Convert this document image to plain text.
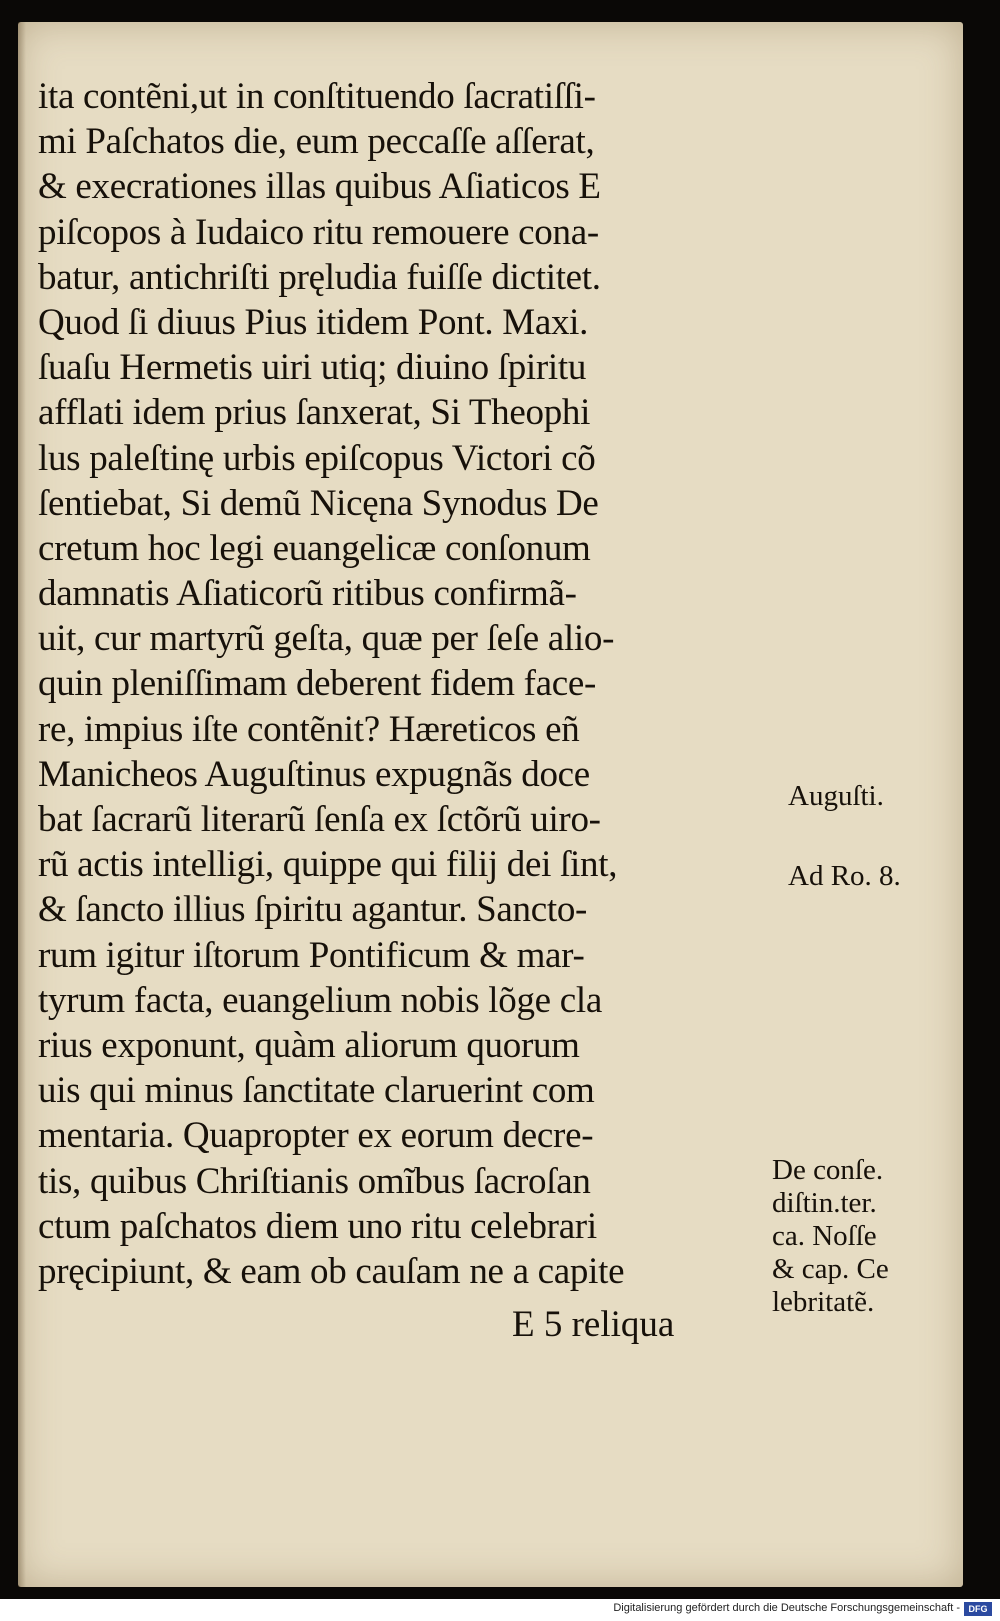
ita contẽni,ut in conſtituendo ſacratiſſi-
mi Paſchatos die, eum peccaſſe aſſerat,
& execrationes illas quibus Aſiaticos E
piſcopos à Iudaico ritu remouere cona-
batur, antichriſti pręludia fuiſſe dictitet.
Quod ſi diuus Pius itidem Pont. Maxi.
ſuaſu Hermetis uiri utiq; diuino ſpiritu
afflati idem prius ſanxerat, Si Theophi
lus paleſtinę urbis epiſcopus Victori cõ
ſentiebat, Si demũ Nicęna Synodus De
cretum hoc legi euangelicæ conſonum
damnatis Aſiaticorũ ritibus confirmã-
uit, cur martyrũ geſta, quæ per ſeſe alio-
quin pleniſſimam deberent fidem face-
re, impius iſte contẽnit? Hæreticos eñ
Manicheos Auguſtinus expugnãs doce
bat ſacrarũ literarũ ſenſa ex ſctõrũ uiro-
rũ actis intelligi, quippe qui filij dei ſint,
& ſancto illius ſpiritu agantur. Sancto-
rum igitur iſtorum Pontificum & mar-
tyrum facta, euangelium nobis lõge cla
rius exponunt, quàm aliorum quorum
uis qui minus ſanctitate claruerint com
mentaria. Quapropter ex eorum decre-
tis, quibus Chriſtianis omĩbus ſacroſan
ctum paſchatos diem uno ritu celebrari
pręcipiunt, & eam ob cauſam ne a capite
E 5 reliqua
Auguſti.
Ad Ro. 8.
De conſe.
diſtin.ter.
ca. Noſſe
& cap. Ce
lebritatẽ.
Digitalisierung gefördert durch die Deutsche Forschungsgemeinschaft - DFG
